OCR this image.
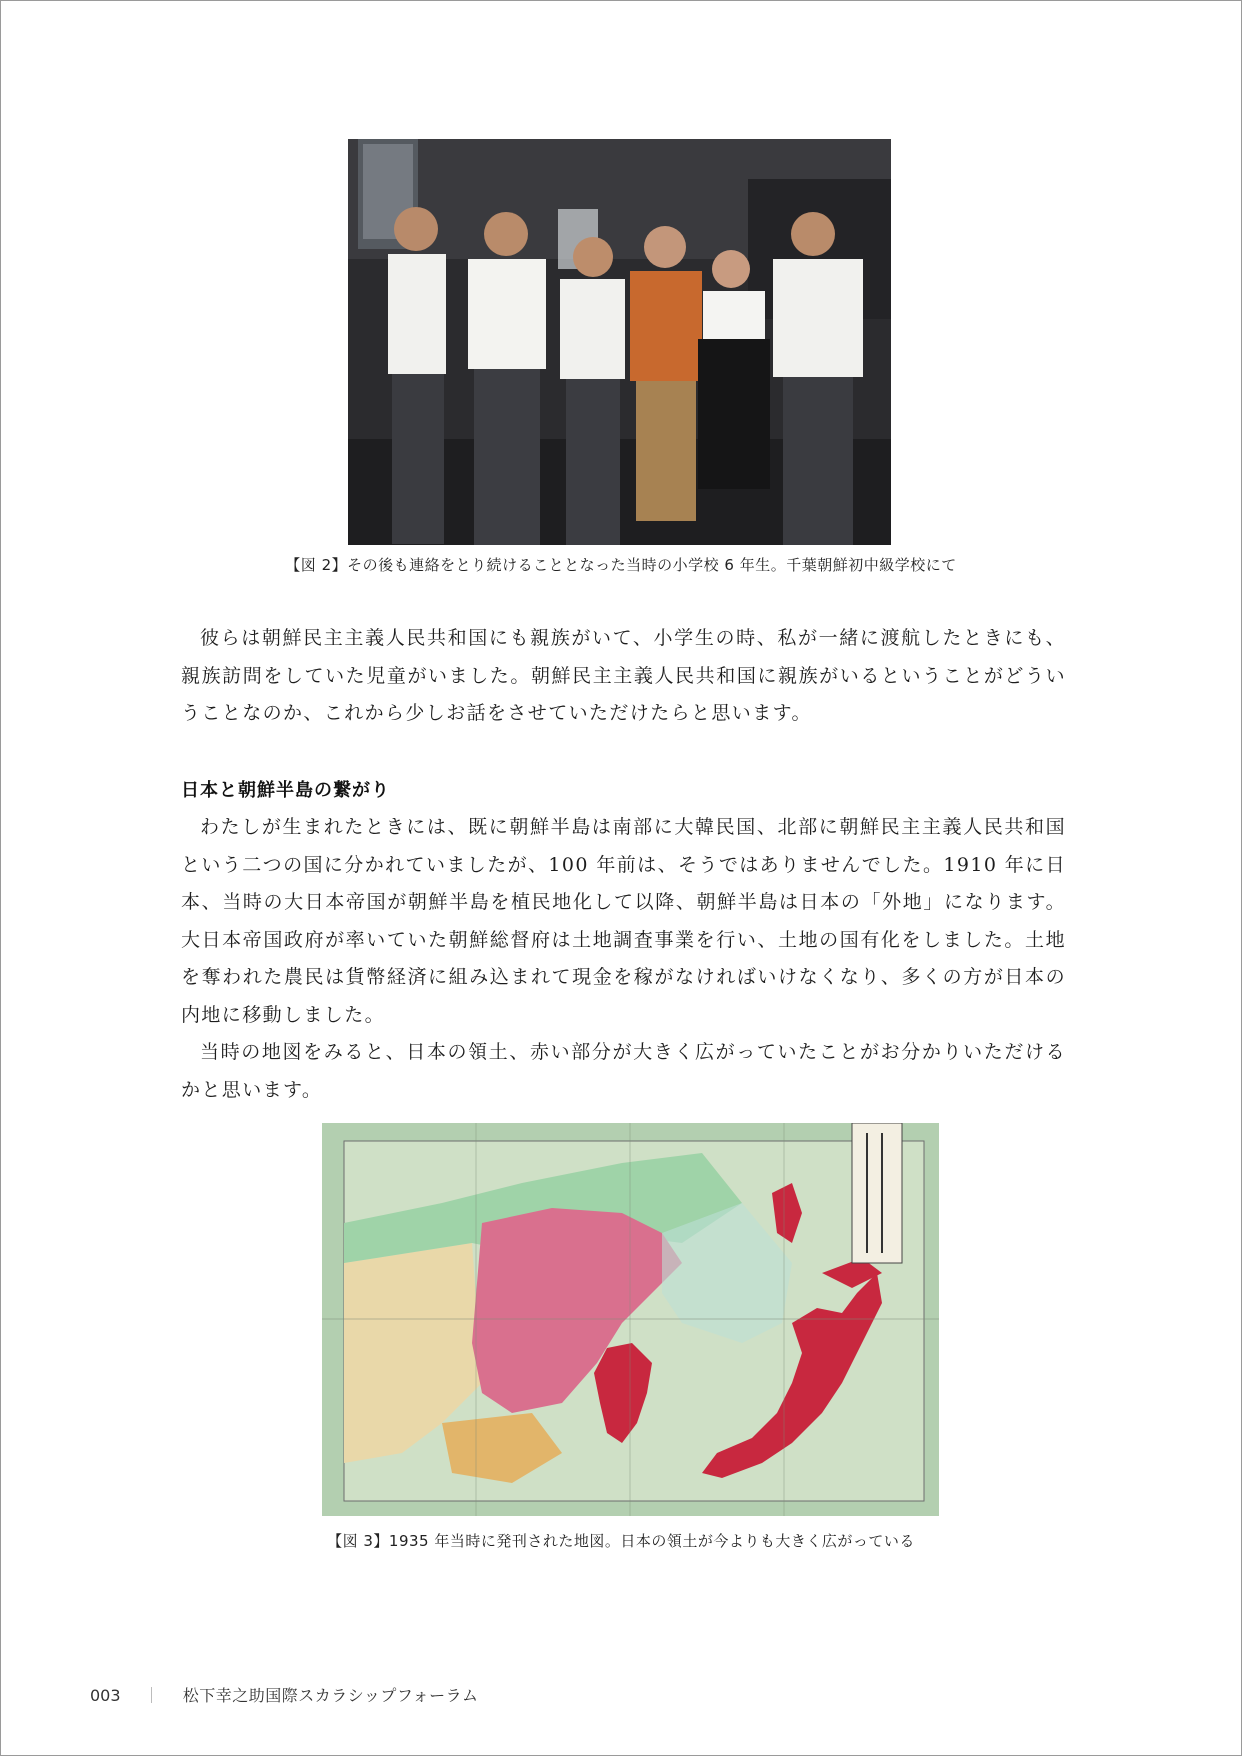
【図 2】その後も連絡をとり続けることとなった当時の小学校 6 年生。千葉朝鮮初中級学校にて

彼らは朝鮮民主主義人民共和国にも親族がいて、小学生の時、私が一緒に渡航したときにも、親族訪問をしていた児童がいました。朝鮮民主主義人民共和国に親族がいるということがどういうことなのか、これから少しお話をさせていただけたらと思います。

日本と朝鮮半島の繋がり

わたしが生まれたときには、既に朝鮮半島は南部に大韓民国、北部に朝鮮民主主義人民共和国という二つの国に分かれていましたが、100 年前は、そうではありませんでした。1910 年に日本、当時の大日本帝国が朝鮮半島を植民地化して以降、朝鮮半島は日本の「外地」になります。大日本帝国政府が率いていた朝鮮総督府は土地調査事業を行い、土地の国有化をしました。土地を奪われた農民は貨幣経済に組み込まれて現金を稼がなければいけなくなり、多くの方が日本の内地に移動しました。

当時の地図をみると、日本の領土、赤い部分が大きく広がっていたことがお分かりいただけるかと思います。

【図 3】1935 年当時に発刊された地図。日本の領土が今よりも大きく広がっている
003 ｜ 松下幸之助国際スカラシップフォーラム
